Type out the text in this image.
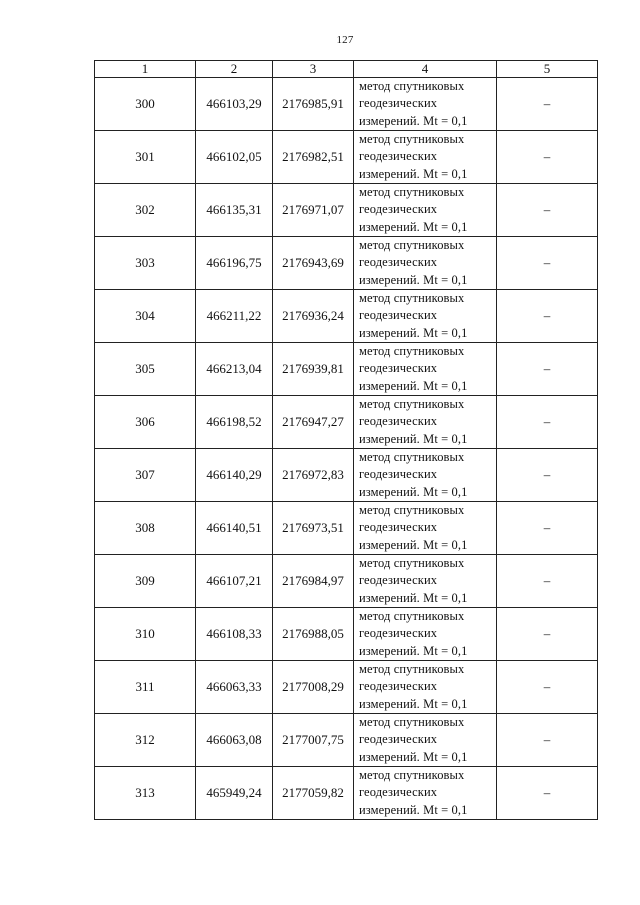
127
1	2	3	4	5
300	466103,29	2176985,91	метод спутниковых
геодезических
измерений. Mt = 0,1	–
301	466102,05	2176982,51	метод спутниковых
геодезических
измерений. Mt = 0,1	–
302	466135,31	2176971,07	метод спутниковых
геодезических
измерений. Mt = 0,1	–
303	466196,75	2176943,69	метод спутниковых
геодезических
измерений. Mt = 0,1	–
304	466211,22	2176936,24	метод спутниковых
геодезических
измерений. Mt = 0,1	–
305	466213,04	2176939,81	метод спутниковых
геодезических
измерений. Mt = 0,1	–
306	466198,52	2176947,27	метод спутниковых
геодезических
измерений. Mt = 0,1	–
307	466140,29	2176972,83	метод спутниковых
геодезических
измерений. Mt = 0,1	–
308	466140,51	2176973,51	метод спутниковых
геодезических
измерений. Mt = 0,1	–
309	466107,21	2176984,97	метод спутниковых
геодезических
измерений. Mt = 0,1	–
310	466108,33	2176988,05	метод спутниковых
геодезических
измерений. Mt = 0,1	–
311	466063,33	2177008,29	метод спутниковых
геодезических
измерений. Mt = 0,1	–
312	466063,08	2177007,75	метод спутниковых
геодезических
измерений. Mt = 0,1	–
313	465949,24	2177059,82	метод спутниковых
геодезических
измерений. Mt = 0,1	–
